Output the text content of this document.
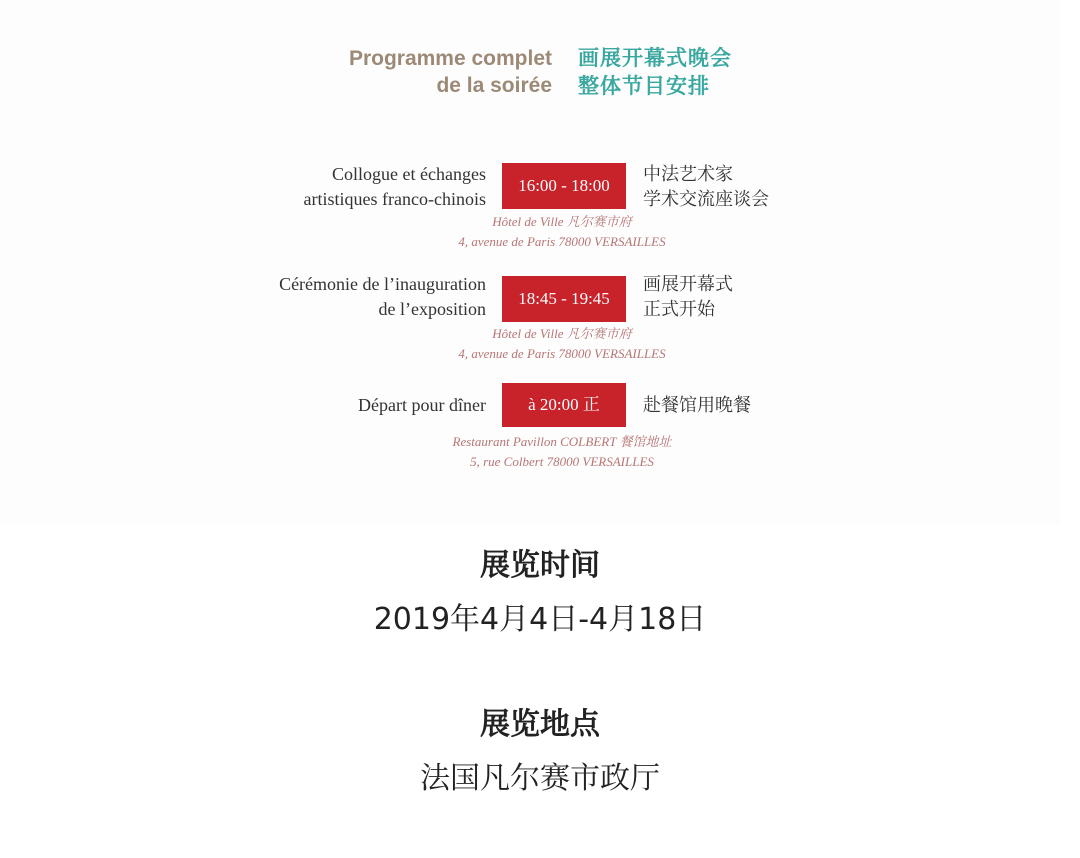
Programme complet
de la soirée
画展开幕式晚会
整体节目安排
Collogue et échanges
artistiques franco-chinois
16:00 - 18:00
中法艺术家
学术交流座谈会
Hôtel de Ville 凡尔赛市府
4, avenue de Paris 78000 VERSAILLES
Cérémonie de l’inauguration
de l’exposition
18:45 - 19:45
画展开幕式
正式开始
Hôtel de Ville 凡尔赛市府
4, avenue de Paris 78000 VERSAILLES
Départ pour dîner	à 20:00 正	赴餐馆用晚餐
Restaurant Pavillon COLBERT 餐馆地址
5, rue Colbert 78000 VERSAILLES
展览时间
2019年4月4日-4月18日
展览地点
法国凡尔赛市政厅
